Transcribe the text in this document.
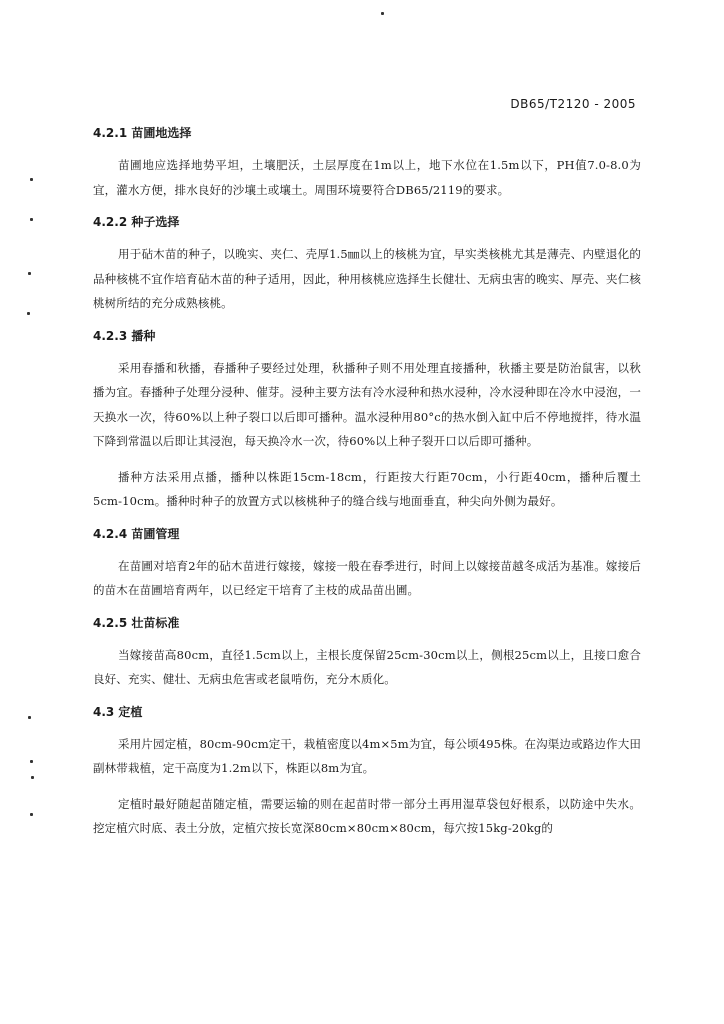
DB65/T2120 - 2005
4.2.1 苗圃地选择
苗圃地应选择地势平坦，土壤肥沃，土层厚度在1m以上，地下水位在1.5m以下，PH值7.0-8.0为宜，灌水方便，排水良好的沙壤土或壤土。周围环境要符合DB65/2119的要求。
4.2.2 种子选择
用于砧木苗的种子，以晚实、夹仁、壳厚1.5㎜以上的核桃为宜，早实类核桃尤其是薄壳、内壁退化的品种核桃不宜作培育砧木苗的种子适用，因此，种用核桃应选择生长健壮、无病虫害的晚实、厚壳、夹仁核桃树所结的充分成熟核桃。
4.2.3 播种
采用春播和秋播，春播种子要经过处理，秋播种子则不用处理直接播种，秋播主要是防治鼠害，以秋播为宜。春播种子处理分浸种、催芽。浸种主要方法有冷水浸种和热水浸种，冷水浸种即在冷水中浸泡，一天换水一次，待60%以上种子裂口以后即可播种。温水浸种用80°c的热水倒入缸中后不停地搅拌，待水温下降到常温以后即让其浸泡，每天换冷水一次，待60%以上种子裂开口以后即可播种。
播种方法采用点播，播种以株距15cm-18cm，行距按大行距70cm，小行距40cm，播种后覆土5cm-10cm。播种时种子的放置方式以核桃种子的缝合线与地面垂直，种尖向外侧为最好。
4.2.4 苗圃管理
在苗圃对培育2年的砧木苗进行嫁接，嫁接一般在春季进行，时间上以嫁接苗越冬成活为基准。嫁接后的苗木在苗圃培育两年，以已经定干培育了主枝的成品苗出圃。
4.2.5 壮苗标准
当嫁接苗高80cm，直径1.5cm以上，主根长度保留25cm-30cm以上，侧根25cm以上，且接口愈合良好、充实、健壮、无病虫危害或老鼠啃伤，充分木质化。
4.3 定植
采用片园定植，80cm-90cm定干，栽植密度以4m×5m为宜，每公顷495株。在沟渠边或路边作大田副林带栽植，定干高度为1.2m以下，株距以8m为宜。
定植时最好随起苗随定植，需要运输的则在起苗时带一部分土再用湿草袋包好根系，以防途中失水。挖定植穴时底、表土分放，定植穴按长宽深80cm×80cm×80cm，每穴按15kg-20kg的
